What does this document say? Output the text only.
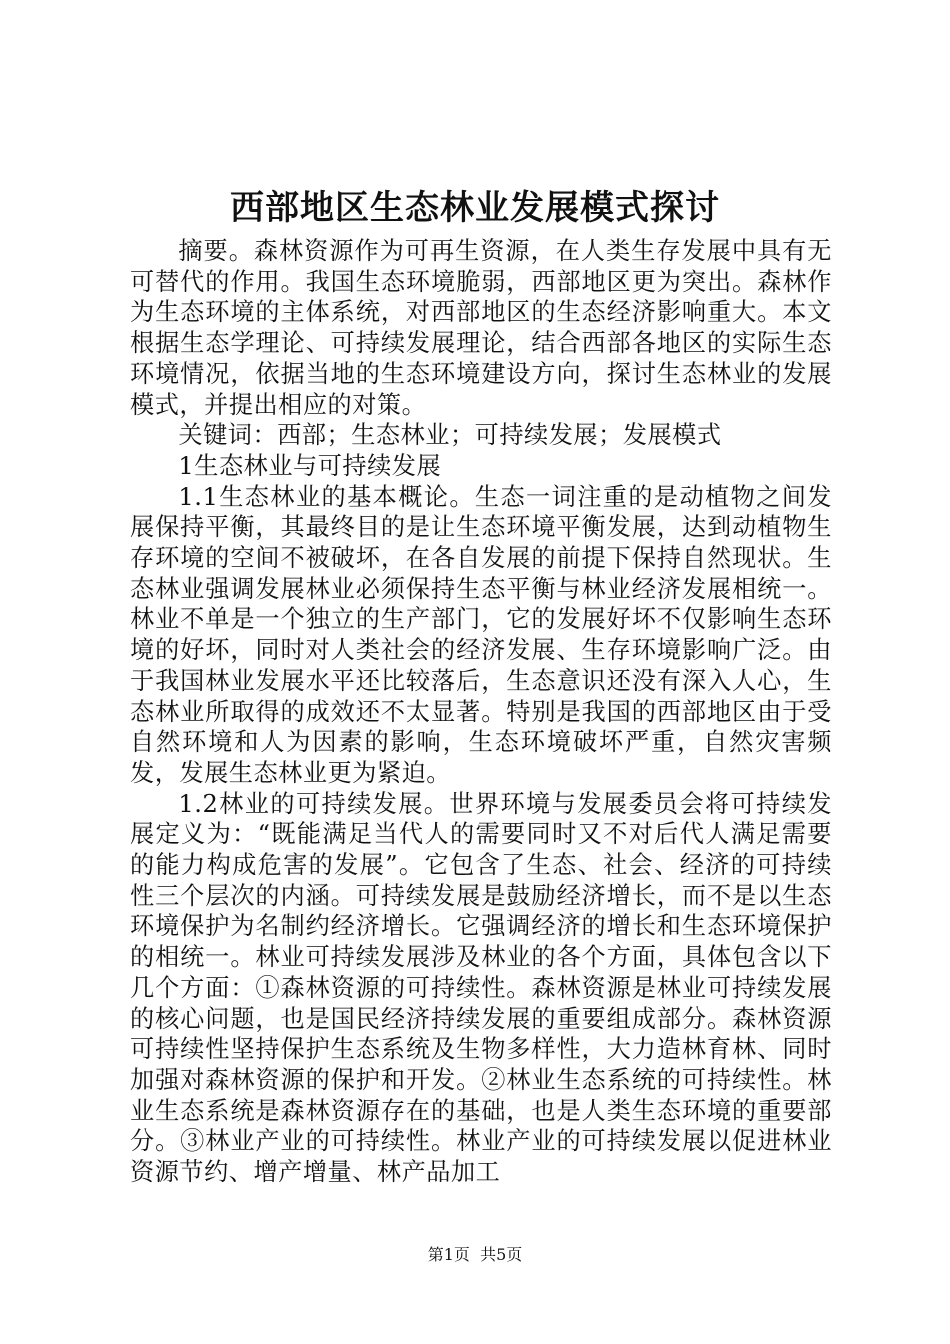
西部地区生态林业发展模式探讨

摘要。森林资源作为可再生资源，在人类生存发展中具有无可替代的作用。我国生态环境脆弱，西部地区更为突出。森林作为生态环境的主体系统，对西部地区的生态经济影响重大。本文根据生态学理论、可持续发展理论，结合西部各地区的实际生态环境情况，依据当地的生态环境建设方向，探讨生态林业的发展模式，并提出相应的对策。

关键词：西部；生态林业；可持续发展；发展模式

1生态林业与可持续发展

1.1生态林业的基本概论。生态一词注重的是动植物之间发展保持平衡，其最终目的是让生态环境平衡发展，达到动植物生存环境的空间不被破坏，在各自发展的前提下保持自然现状。生态林业强调发展林业必须保持生态平衡与林业经济发展相统一。林业不单是一个独立的生产部门，它的发展好坏不仅影响生态环境的好坏，同时对人类社会的经济发展、生存环境影响广泛。由于我国林业发展水平还比较落后，生态意识还没有深入人心，生态林业所取得的成效还不太显著。特别是我国的西部地区由于受自然环境和人为因素的影响，生态环境破坏严重，自然灾害频发，发展生态林业更为紧迫。

1.2林业的可持续发展。世界环境与发展委员会将可持续发展定义为：“既能满足当代人的需要同时又不对后代人满足需要的能力构成危害的发展”。它包含了生态、社会、经济的可持续性三个层次的内涵。可持续发展是鼓励经济增长，而不是以生态环境保护为名制约经济增长。它强调经济的增长和生态环境保护的相统一。林业可持续发展涉及林业的各个方面，具体包含以下几个方面：①森林资源的可持续性。森林资源是林业可持续发展的核心问题，也是国民经济持续发展的重要组成部分。森林资源可持续性坚持保护生态系统及生物多样性，大力造林育林、同时加强对森林资源的保护和开发。②林业生态系统的可持续性。林业生态系统是森林资源存在的基础，也是人类生态环境的重要部分。③林业产业的可持续性。林业产业的可持续发展以促进林业资源节约、增产增量、林产品加工

第1页 共5页
